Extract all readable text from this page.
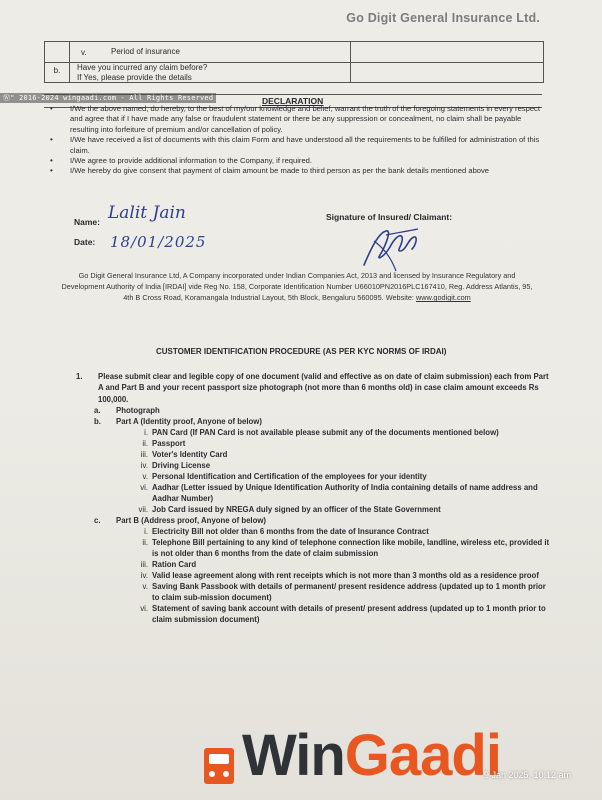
Go Digit General Insurance Ltd.
v.	Period of insurance
b.	Have you incurred any claim before?
If Yes, please provide the details
DECLARATION
Ⓦ" 2016-2024 wingaadi.com - All Rights Reserved
• I/We the above named, do hereby, to the best of my/our knowledge and belief, warrant the truth of the foregoing statements in every respect and agree that if I have made any false or fraudulent statement or there be any suppression or concealment, no claim shall be payable resulting into forfeiture of premium and/or cancellation of policy.
• I/We have received a list of documents with this claim Form and have understood all the requirements to be fulfilled for administration of this claim.
• I/We agree to provide additional information to the Company, if required.
• I/We hereby do give consent that payment of claim amount be made to third person as per the bank details mentioned above
Name: Lalit Jain
Date: 18/01/2025
Signature of Insured/ Claimant:
Go Digit General Insurance Ltd, A Company incorporated under Indian Companies Act, 2013 and licensed by Insurance Regulatory and Development Authority of India [IRDAI] vide Reg No. 158, Corporate Identification Number U66010PN2016PLC167410, Reg. Address Atlantis, 95, 4th B Cross Road, Koramangala Industrial Layout, 5th Block, Bengaluru 560095. Website: www.godigit.com
CUSTOMER IDENTIFICATION PROCEDURE (AS PER KYC NORMS OF IRDAI)
1. Please submit clear and legible copy of one document (valid and effective as on date of claim submission) each from Part A and Part B and your recent passport size photograph (not more than 6 months old) in case claim amount exceeds Rs 100,000.
a. Photograph
b. Part A (Identity proof, Anyone of below)
i. PAN Card (If PAN Card is not available please submit any of the documents mentioned below)
ii. Passport
iii. Voter's Identity Card
iv. Driving License
v. Personal Identification and Certification of the employees for your identity
vi. Aadhar (Letter issued by Unique Identification Authority of India containing details of name address and Aadhar Number)
vii. Job Card issued by NREGA duly signed by an officer of the State Government
c. Part B (Address proof, Anyone of below)
i. Electricity Bill not older than 6 months from the date of Insurance Contract
ii. Telephone Bill pertaining to any kind of telephone connection like mobile, landline, wireless etc, provided it is not older than 6 months from the date of claim submission
iii. Ration Card
iv. Valid lease agreement along with rent receipts which is not more than 3 months old as a residence proof
v. Saving Bank Passbook with details of permanent/ present residence address (updated up to 1 month prior to claim sub-mission document)
vi. Statement of saving bank account with details of present/ present address (updated up to 1 month prior to claim submission document)
WinGaadi
9 Jan 2025, 10:12 am
